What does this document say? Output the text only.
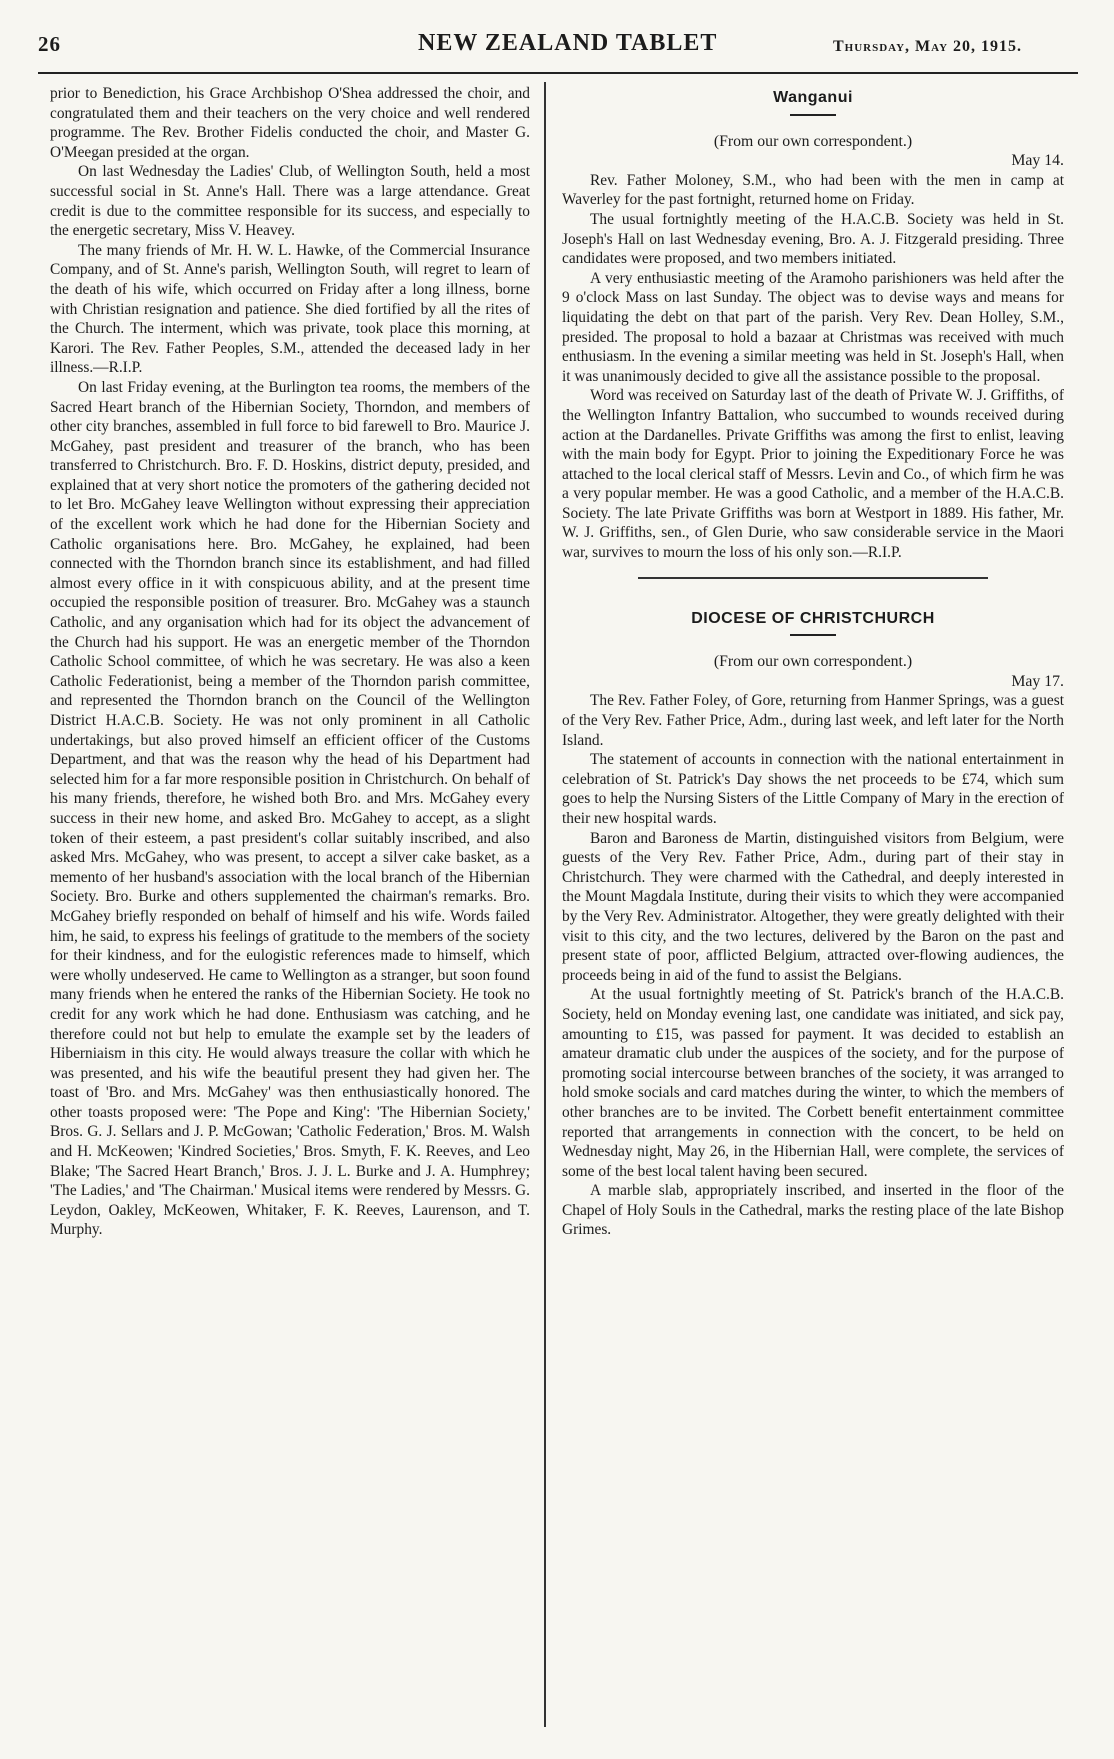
26	NEW ZEALAND TABLET	Thursday, May 20, 1915.

prior to Benediction, his Grace Archbishop O'Shea addressed the choir, and congratulated them and their teachers on the very choice and well rendered programme. The Rev. Brother Fidelis conducted the choir, and Master G. O'Meegan presided at the organ.

On last Wednesday the Ladies' Club, of Wellington South, held a most successful social in St. Anne's Hall. There was a large attendance. Great credit is due to the committee responsible for its success, and especially to the energetic secretary, Miss V. Heavey.

The many friends of Mr. H. W. L. Hawke, of the Commercial Insurance Company, and of St. Anne's parish, Wellington South, will regret to learn of the death of his wife, which occurred on Friday after a long illness, borne with Christian resignation and patience. She died fortified by all the rites of the Church. The interment, which was private, took place this morning, at Karori. The Rev. Father Peoples, S.M., attended the deceased lady in her illness.—R.I.P.

On last Friday evening, at the Burlington tea rooms, the members of the Sacred Heart branch of the Hibernian Society, Thorndon, and members of other city branches, assembled in full force to bid farewell to Bro. Maurice J. McGahey, past president and treasurer of the branch, who has been transferred to Christchurch. Bro. F. D. Hoskins, district deputy, presided, and explained that at very short notice the promoters of the gathering decided not to let Bro. McGahey leave Wellington without expressing their appreciation of the excellent work which he had done for the Hibernian Society and Catholic organisations here. Bro. McGahey, he explained, had been connected with the Thorndon branch since its establishment, and had filled almost every office in it with conspicuous ability, and at the present time occupied the responsible position of treasurer. Bro. McGahey was a staunch Catholic, and any organisation which had for its object the advancement of the Church had his support. He was an energetic member of the Thorndon Catholic School committee, of which he was secretary. He was also a keen Catholic Federationist, being a member of the Thorndon parish committee, and represented the Thorndon branch on the Council of the Wellington District H.A.C.B. Society. He was not only prominent in all Catholic undertakings, but also proved himself an efficient officer of the Customs Department, and that was the reason why the head of his Department had selected him for a far more responsible position in Christchurch. On behalf of his many friends, therefore, he wished both Bro. and Mrs. McGahey every success in their new home, and asked Bro. McGahey to accept, as a slight token of their esteem, a past president's collar suitably inscribed, and also asked Mrs. McGahey, who was present, to accept a silver cake basket, as a memento of her husband's association with the local branch of the Hibernian Society. Bro. Burke and others supplemented the chairman's remarks. Bro. McGahey briefly responded on behalf of himself and his wife. Words failed him, he said, to express his feelings of gratitude to the members of the society for their kindness, and for the eulogistic references made to himself, which were wholly undeserved. He came to Wellington as a stranger, but soon found many friends when he entered the ranks of the Hibernian Society. He took no credit for any work which he had done. Enthusiasm was catching, and he therefore could not but help to emulate the example set by the leaders of Hiberniaism in this city. He would always treasure the collar with which he was presented, and his wife the beautiful present they had given her. The toast of 'Bro. and Mrs. McGahey' was then enthusiastically honored. The other toasts proposed were: 'The Pope and King': 'The Hibernian Society,' Bros. G. J. Sellars and J. P. McGowan; 'Catholic Federation,' Bros. M. Walsh and H. McKeowen; 'Kindred Societies,' Bros. Smyth, F. K. Reeves, and Leo Blake; 'The Sacred Heart Branch,' Bros. J. J. L. Burke and J. A. Humphrey; 'The Ladies,' and 'The Chairman.' Musical items were rendered by Messrs. G. Leydon, Oakley, McKeowen, Whitaker, F. K. Reeves, Laurenson, and T. Murphy.

Wanganui

(From our own correspondent.)

May 14.

Rev. Father Moloney, S.M., who had been with the men in camp at Waverley for the past fortnight, returned home on Friday.

The usual fortnightly meeting of the H.A.C.B. Society was held in St. Joseph's Hall on last Wednesday evening, Bro. A. J. Fitzgerald presiding. Three candidates were proposed, and two members initiated.

A very enthusiastic meeting of the Aramoho parishioners was held after the 9 o'clock Mass on last Sunday. The object was to devise ways and means for liquidating the debt on that part of the parish. Very Rev. Dean Holley, S.M., presided. The proposal to hold a bazaar at Christmas was received with much enthusiasm. In the evening a similar meeting was held in St. Joseph's Hall, when it was unanimously decided to give all the assistance possible to the proposal.

Word was received on Saturday last of the death of Private W. J. Griffiths, of the Wellington Infantry Battalion, who succumbed to wounds received during action at the Dardanelles. Private Griffiths was among the first to enlist, leaving with the main body for Egypt. Prior to joining the Expeditionary Force he was attached to the local clerical staff of Messrs. Levin and Co., of which firm he was a very popular member. He was a good Catholic, and a member of the H.A.C.B. Society. The late Private Griffiths was born at Westport in 1889. His father, Mr. W. J. Griffiths, sen., of Glen Durie, who saw considerable service in the Maori war, survives to mourn the loss of his only son.—R.I.P.

DIOCESE OF CHRISTCHURCH

(From our own correspondent.)

May 17.

The Rev. Father Foley, of Gore, returning from Hanmer Springs, was a guest of the Very Rev. Father Price, Adm., during last week, and left later for the North Island.

The statement of accounts in connection with the national entertainment in celebration of St. Patrick's Day shows the net proceeds to be £74, which sum goes to help the Nursing Sisters of the Little Company of Mary in the erection of their new hospital wards.

Baron and Baroness de Martin, distinguished visitors from Belgium, were guests of the Very Rev. Father Price, Adm., during part of their stay in Christchurch. They were charmed with the Cathedral, and deeply interested in the Mount Magdala Institute, during their visits to which they were accompanied by the Very Rev. Administrator. Altogether, they were greatly delighted with their visit to this city, and the two lectures, delivered by the Baron on the past and present state of poor, afflicted Belgium, attracted over-flowing audiences, the proceeds being in aid of the fund to assist the Belgians.

At the usual fortnightly meeting of St. Patrick's branch of the H.A.C.B. Society, held on Monday evening last, one candidate was initiated, and sick pay, amounting to £15, was passed for payment. It was decided to establish an amateur dramatic club under the auspices of the society, and for the purpose of promoting social intercourse between branches of the society, it was arranged to hold smoke socials and card matches during the winter, to which the members of other branches are to be invited. The Corbett benefit entertainment committee reported that arrangements in connection with the concert, to be held on Wednesday night, May 26, in the Hibernian Hall, were complete, the services of some of the best local talent having been secured.

A marble slab, appropriately inscribed, and inserted in the floor of the Chapel of Holy Souls in the Cathedral, marks the resting place of the late Bishop Grimes.
